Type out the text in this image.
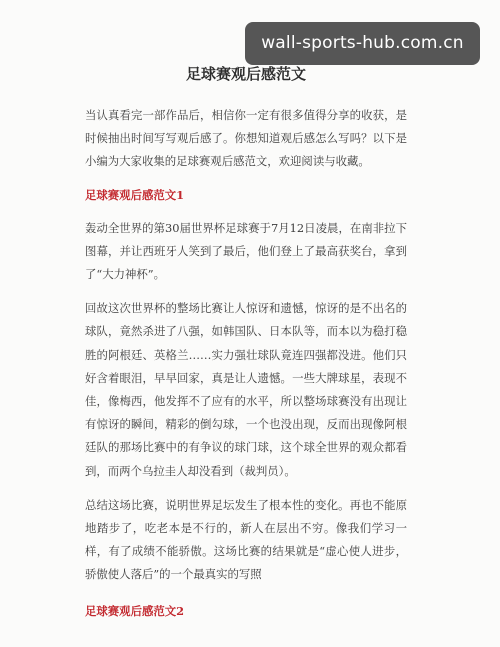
wall-sports-hub.com.cn
足球赛观后感范文

当认真看完一部作品后，相信你一定有很多值得分享的收获，是时候抽出时间写写观后感了。你想知道观后感怎么写吗？以下是小编为大家收集的足球赛观后感范文，欢迎阅读与收藏。

足球赛观后感范文1

轰动全世界的第30届世界杯足球赛于7月12日凌晨，在南非拉下图幕，并让西班牙人笑到了最后，他们登上了最高获奖台，拿到了“大力神杯”。

回故这次世界杯的整场比赛让人惊讶和遗憾，惊讶的是不出名的球队，竟然杀进了八强，如韩国队、日本队等，而本以为稳打稳胜的阿根廷、英格兰……实力强壮球队竟连四强都没进。他们只好含着眼泪，早早回家，真是让人遗憾。一些大牌球星，表现不佳，像梅西，他发挥不了应有的水平，所以整场球赛没有出现让有惊讶的瞬间，精彩的倒勾球，一个也没出现，反而出现像阿根廷队的那场比赛中的有争议的球门球，这个球全世界的观众都看到，而两个乌拉圭人却没看到（裁判员）。

总结这场比赛，说明世界足坛发生了根本性的变化。再也不能原地踏步了，吃老本是不行的，新人在层出不穷。像我们学习一样，有了成绩不能骄傲。这场比赛的结果就是“虚心使人进步，骄傲使人落后”的一个最真实的写照

足球赛观后感范文2
